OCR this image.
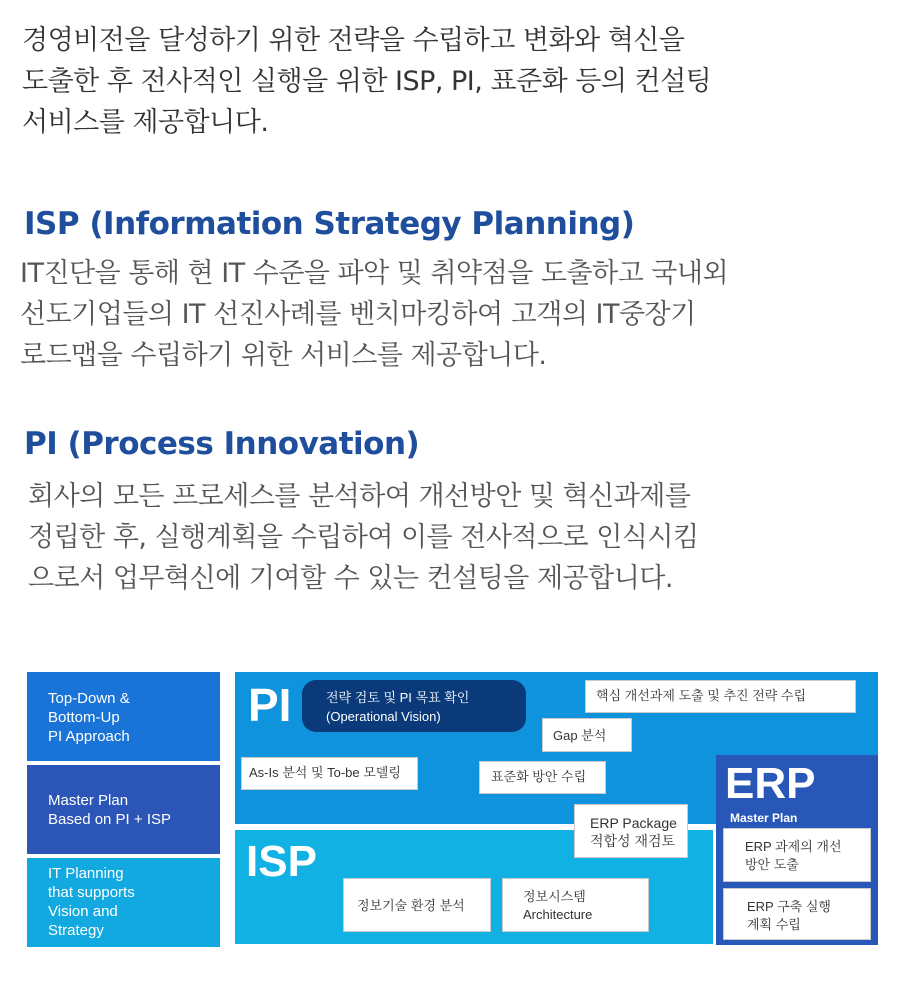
경영비전을 달성하기 위한 전략을 수립하고 변화와 혁신을
도출한 후 전사적인 실행을 위한 ISP, PI, 표준화 등의 컨설팅
서비스를 제공합니다.

ISP (Information Strategy Planning)

IT진단을 통해 현 IT 수준을 파악 및 취약점을 도출하고 국내외
선도기업들의 IT 선진사례를 벤치마킹하여 고객의 IT중장기
로드맵을 수립하기 위한 서비스를 제공합니다.

PI (Process Innovation)

회사의 모든 프로세스를 분석하여 개선방안 및 혁신과제를
정립한 후, 실행계획을 수립하여 이를 전사적으로 인식시킴
으로서 업무혁신에 기여할 수 있는 컨설팅을 제공합니다.

Top-Down &
Bottom-Up
PI Approach
Master Plan
Based on PI + ISP
IT Planning
that supports
Vision and
Strategy
PI
ISP
ERP
Master Plan
전략 검토 및 PI 목표 확인
(Operational Vision)
핵심 개선과제 도출 및 추진 전략 수립
Gap 분석
As-Is 분석 및 To-be 모델링	표준화 방안 수립
ERP Package
적합성 재검토
정보기술 환경 분석
정보시스템
Architecture
ERP 과제의 개선
방안 도출
ERP 구축 실행
계획 수립
